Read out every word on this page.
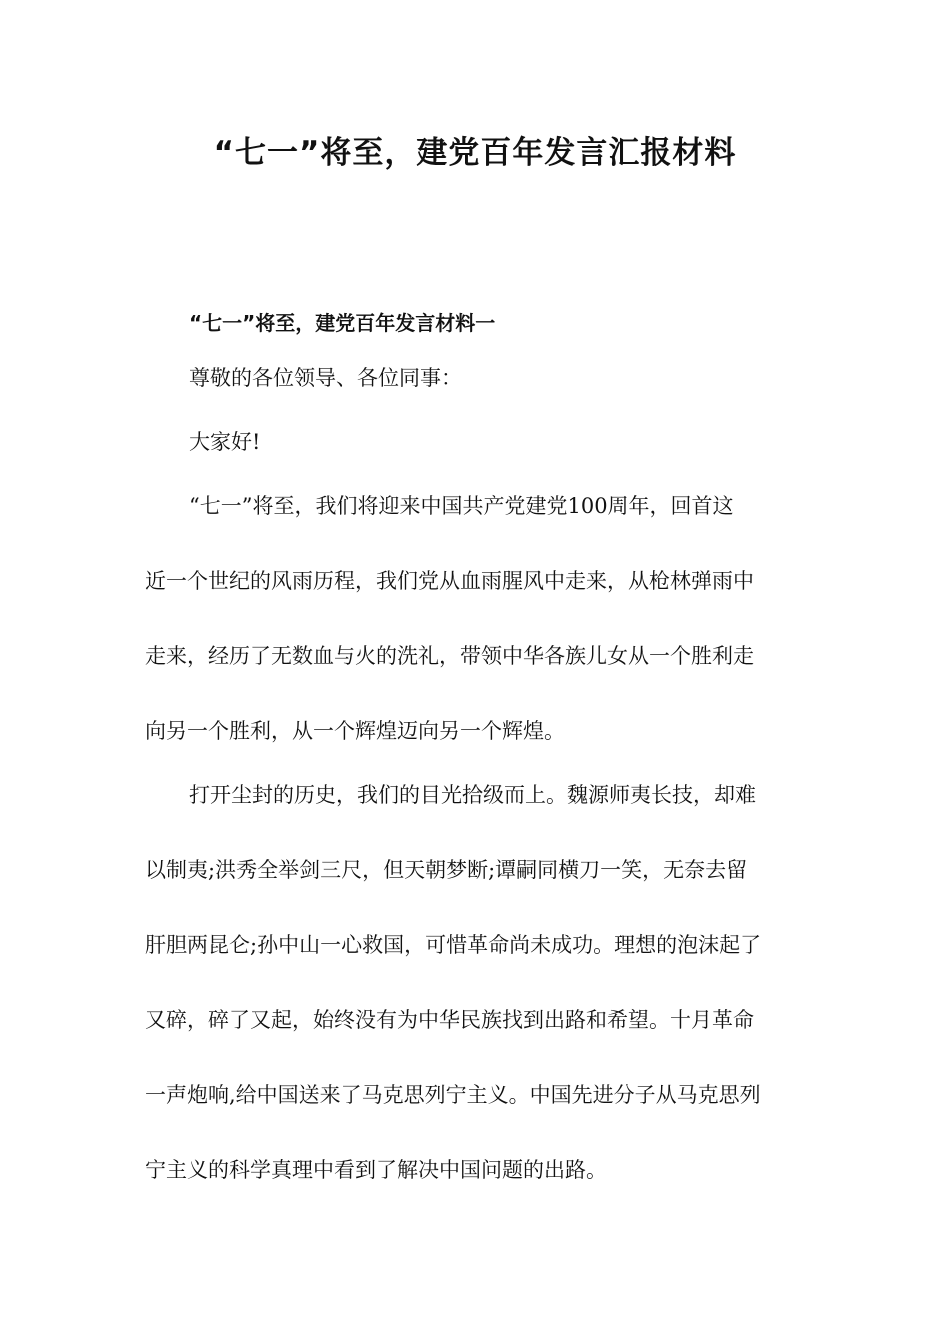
“七一”将至，建党百年发言汇报材料

“七一”将至，建党百年发言材料一

尊敬的各位领导、各位同事：

大家好!

“七一”将至，我们将迎来中国共产党建党100周年，回首这

近一个世纪的风雨历程，我们党从血雨腥风中走来，从枪林弹雨中

走来，经历了无数血与火的洗礼，带领中华各族儿女从一个胜利走

向另一个胜利，从一个辉煌迈向另一个辉煌。

打开尘封的历史，我们的目光拾级而上。魏源师夷长技，却难

以制夷;洪秀全举剑三尺，但天朝梦断;谭嗣同横刀一笑，无奈去留

肝胆两昆仑;孙中山一心救国，可惜革命尚未成功。理想的泡沫起了

又碎，碎了又起，始终没有为中华民族找到出路和希望。十月革命

一声炮响,给中国送来了马克思列宁主义。中国先进分子从马克思列

宁主义的科学真理中看到了解决中国问题的出路。
